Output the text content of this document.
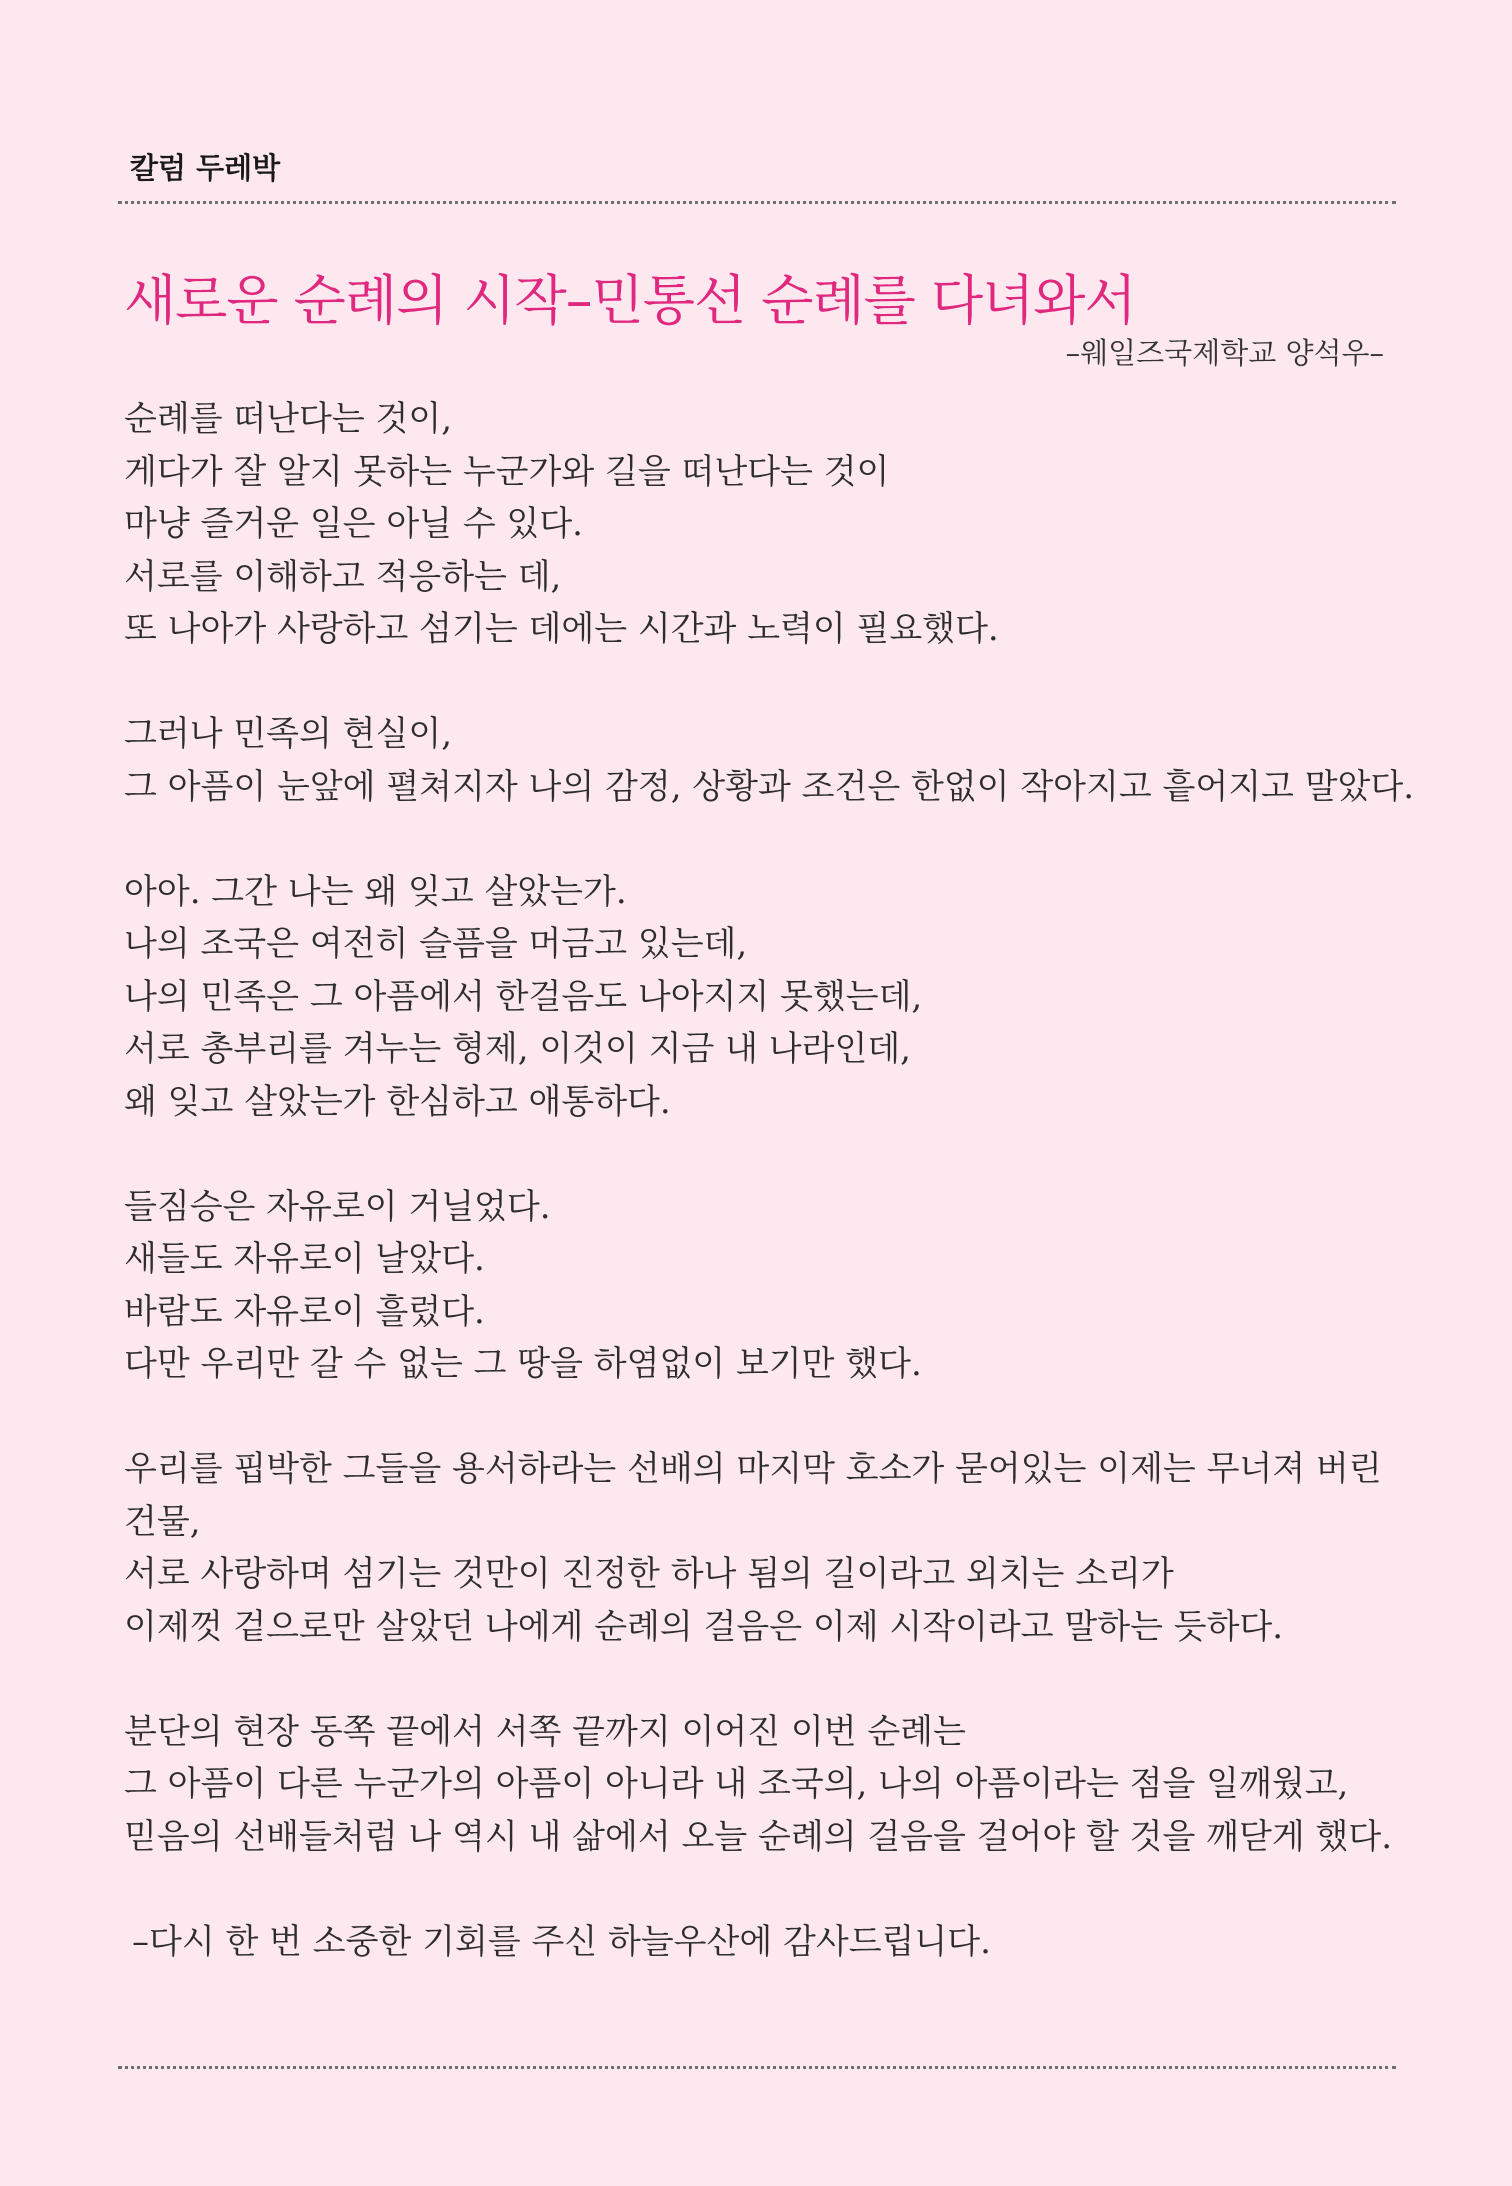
칼럼 두레박
새로운 순례의 시작–민통선 순례를 다녀와서

–웨일즈국제학교 양석우–

순례를 떠난다는 것이,
게다가 잘 알지 못하는 누군가와 길을 떠난다는 것이
마냥 즐거운 일은 아닐 수 있다.
서로를 이해하고 적응하는 데,
또 나아가 사랑하고 섬기는 데에는 시간과 노력이 필요했다.

그러나 민족의 현실이,
그 아픔이 눈앞에 펼쳐지자 나의 감정, 상황과 조건은 한없이 작아지고 흩어지고 말았다.

아아. 그간 나는 왜 잊고 살았는가.
나의 조국은 여전히 슬픔을 머금고 있는데,
나의 민족은 그 아픔에서 한걸음도 나아지지 못했는데,
서로 총부리를 겨누는 형제, 이것이 지금 내 나라인데,
왜 잊고 살았는가 한심하고 애통하다.

들짐승은 자유로이 거닐었다.
새들도 자유로이 날았다.
바람도 자유로이 흘렀다.
다만 우리만 갈 수 없는 그 땅을 하염없이 보기만 했다.

우리를 핍박한 그들을 용서하라는 선배의 마지막 호소가 묻어있는 이제는 무너져 버린
건물,
서로 사랑하며 섬기는 것만이 진정한 하나 됨의 길이라고 외치는 소리가
이제껏 겉으로만 살았던 나에게 순례의 걸음은 이제 시작이라고 말하는 듯하다.

분단의 현장 동쪽 끝에서 서쪽 끝까지 이어진 이번 순례는
그 아픔이 다른 누군가의 아픔이 아니라 내 조국의, 나의 아픔이라는 점을 일깨웠고,
믿음의 선배들처럼 나 역시 내 삶에서 오늘 순례의 걸음을 걸어야 할 것을 깨닫게 했다.

–다시 한 번 소중한 기회를 주신 하늘우산에 감사드립니다.
